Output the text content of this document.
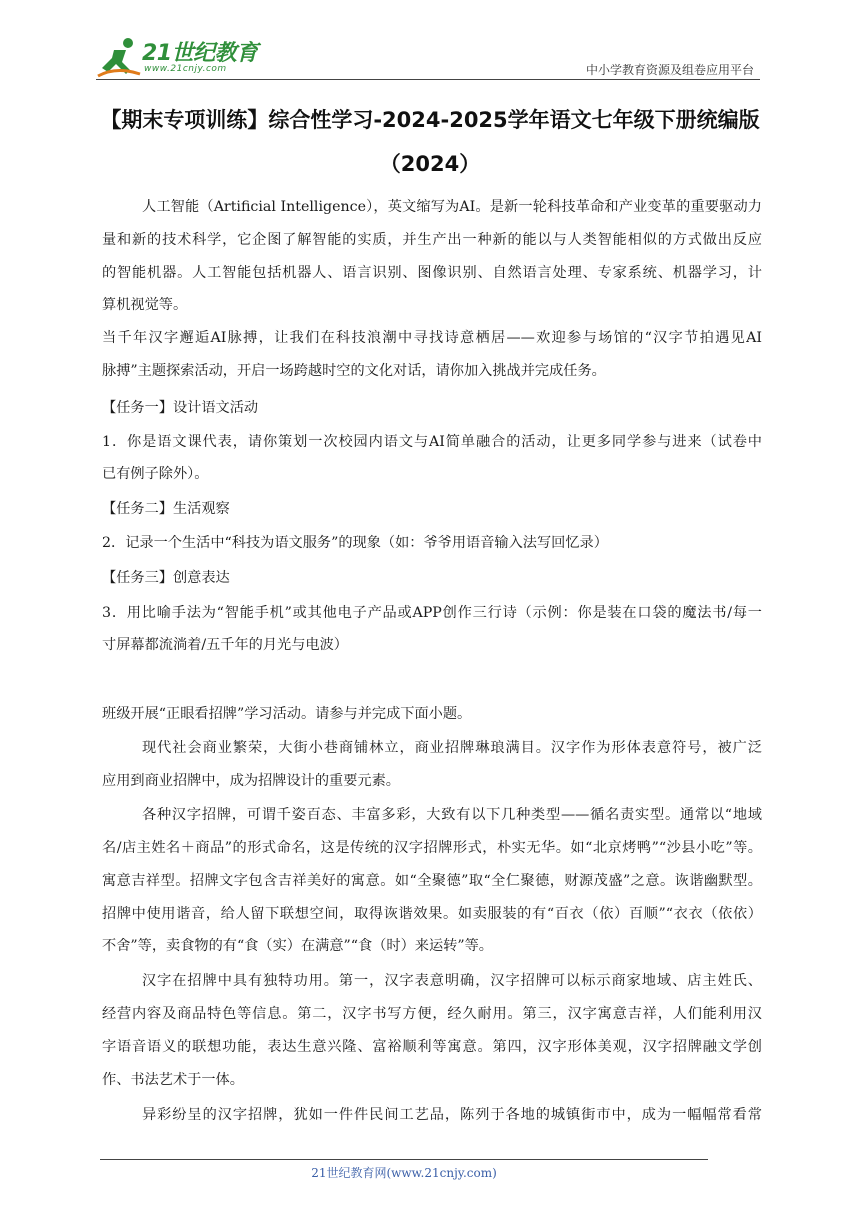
21世纪教育
www.21cnjy.com	中小学教育资源及组卷应用平台
【期末专项训练】综合性学习-2024-2025学年语文七年级下册统编版
（2024）
人工智能（Artificial Intelligence），英文缩写为AI。是新一轮科技革命和产业变革的重要驱动力
量和新的技术科学，它企图了解智能的实质，并生产出一种新的能以与人类智能相似的方式做出反应
的智能机器。人工智能包括机器人、语言识别、图像识别、自然语言处理、专家系统、机器学习，计
算机视觉等。
当千年汉字邂逅AI脉搏，让我们在科技浪潮中寻找诗意栖居——欢迎参与场馆的“汉字节拍遇见AI
脉搏”主题探索活动，开启一场跨越时空的文化对话，请你加入挑战并完成任务。
【任务一】设计语文活动
1．你是语文课代表，请你策划一次校园内语文与AI简单融合的活动，让更多同学参与进来（试卷中
已有例子除外）。
【任务二】生活观察
2．记录一个生活中“科技为语文服务”的现象（如：爷爷用语音输入法写回忆录）
【任务三】创意表达
3．用比喻手法为“智能手机”或其他电子产品或APP创作三行诗（示例：你是装在口袋的魔法书/每一
寸屏幕都流淌着/五千年的月光与电波）
班级开展“正眼看招牌”学习活动。请参与并完成下面小题。
现代社会商业繁荣，大街小巷商铺林立，商业招牌琳琅满目。汉字作为形体表意符号，被广泛
应用到商业招牌中，成为招牌设计的重要元素。
各种汉字招牌，可谓千姿百态、丰富多彩，大致有以下几种类型——循名责实型。通常以“地域
名/店主姓名＋商品”的形式命名，这是传统的汉字招牌形式，朴实无华。如“北京烤鸭”“沙县小吃”等。
寓意吉祥型。招牌文字包含吉祥美好的寓意。如“全聚德”取“全仁聚德，财源茂盛”之意。诙谐幽默型。
招牌中使用谐音，给人留下联想空间，取得诙谐效果。如卖服装的有“百衣（依）百顺”“衣衣（依依）
不舍”等，卖食物的有“食（实）在满意”“食（时）来运转”等。
汉字在招牌中具有独特功用。第一，汉字表意明确，汉字招牌可以标示商家地域、店主姓氏、
经营内容及商品特色等信息。第二，汉字书写方便，经久耐用。第三，汉字寓意吉祥，人们能利用汉
字语音语义的联想功能，表达生意兴隆、富裕顺利等寓意。第四，汉字形体美观，汉字招牌融文学创
作、书法艺术于一体。
异彩纷呈的汉字招牌，犹如一件件民间工艺品，陈列于各地的城镇街市中，成为一幅幅常看常
21世纪教育网(www.21cnjy.com)
